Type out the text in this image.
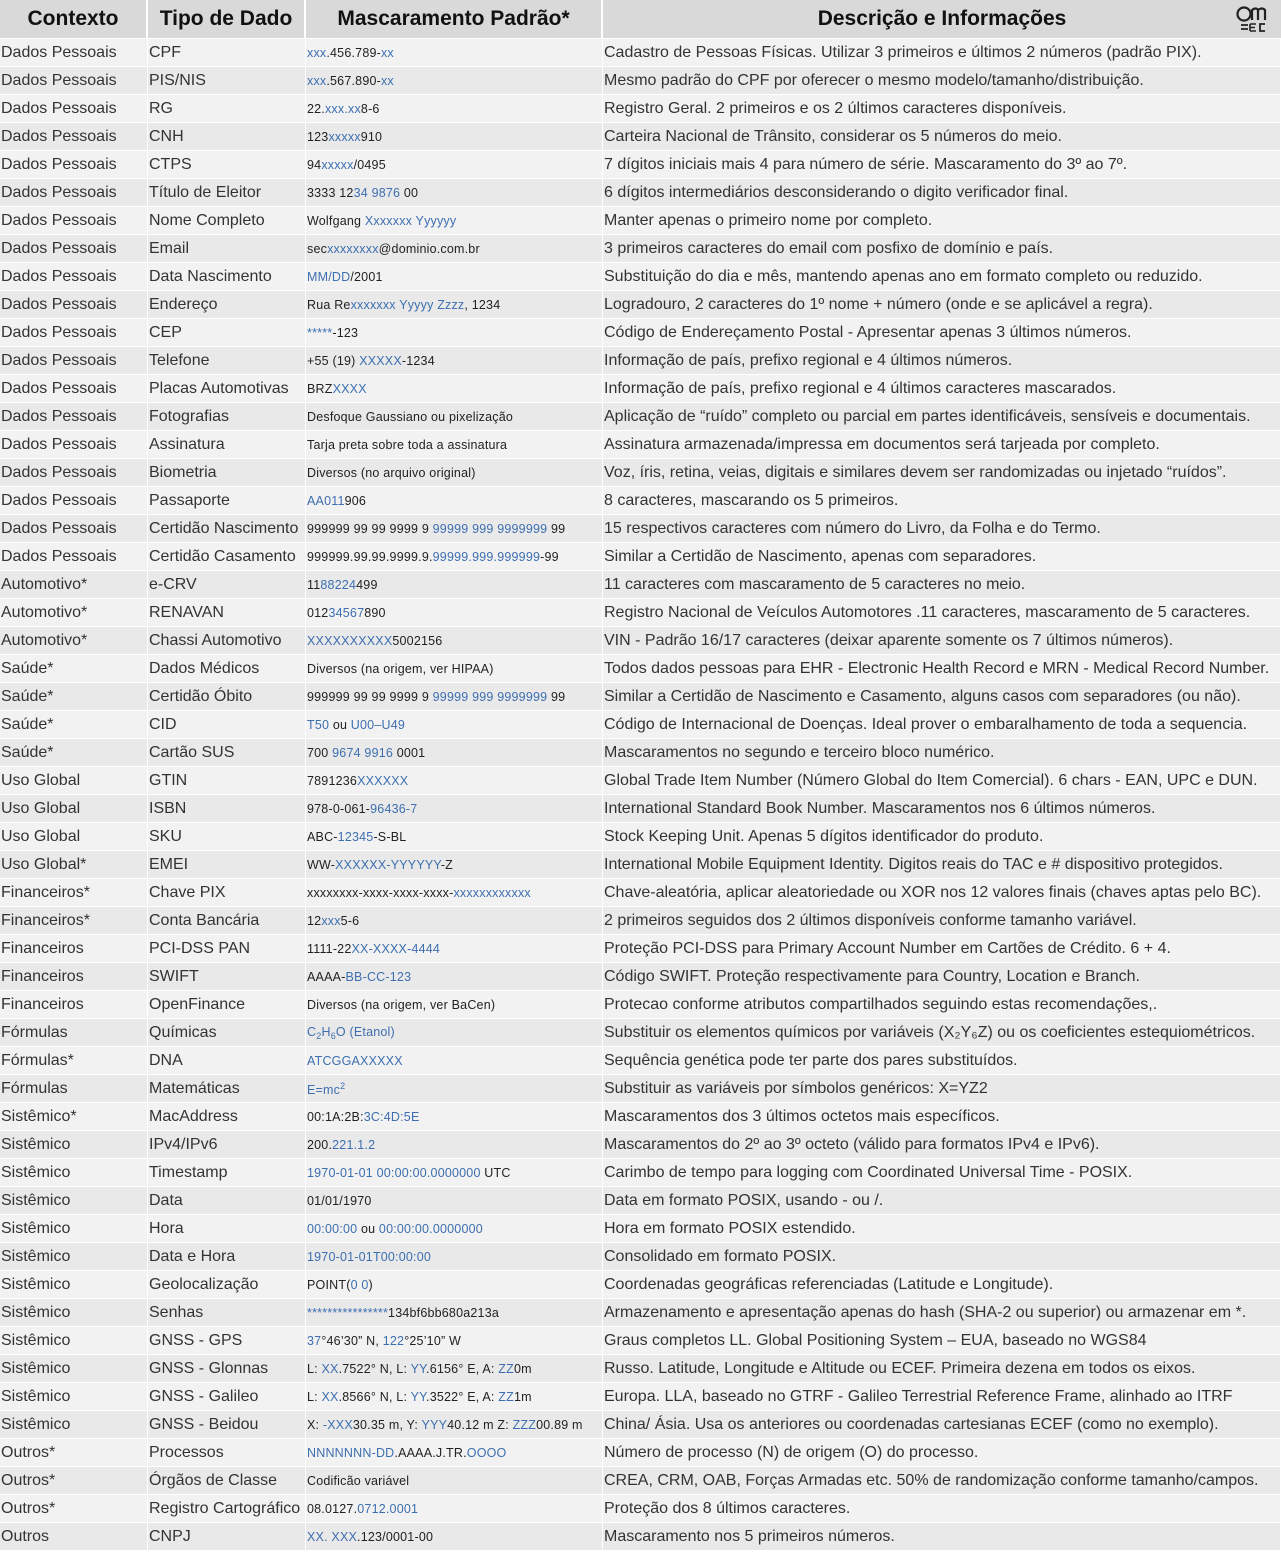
Contexto	Tipo de Dado	Mascaramento Padrão*	Descrição e Informações

Dados Pessoais	CPF	xxx.456.789-xx	Cadastro de Pessoas Físicas. Utilizar 3 primeiros e últimos 2 números (padrão PIX).
Dados Pessoais	PIS/NIS	xxx.567.890-xx	Mesmo padrão do CPF por oferecer o mesmo modelo/tamanho/distribuição.
Dados Pessoais	RG	22.xxx.xx8-6	Registro Geral. 2 primeiros e os 2 últimos caracteres disponíveis.
Dados Pessoais	CNH	123xxxxx910	Carteira Nacional de Trânsito, considerar os 5 números do meio.
Dados Pessoais	CTPS	94xxxxx/0495	7 dígitos iniciais mais 4 para número de série. Mascaramento do 3º ao 7º.
Dados Pessoais	Título de Eleitor	3333 1234 9876 00	6 dígitos intermediários desconsiderando o digito verificador final.
Dados Pessoais	Nome Completo	Wolfgang Xxxxxxx Yyyyyy	Manter apenas o primeiro nome por completo.
Dados Pessoais	Email	secxxxxxxxx@dominio.com.br	3 primeiros caracteres do email com posfixo de domínio e país.
Dados Pessoais	Data Nascimento	MM/DD/2001	Substituição do dia e mês, mantendo apenas ano em formato completo ou reduzido.
Dados Pessoais	Endereço	Rua Rexxxxxxx Yyyyy Zzzz, 1234	Logradouro, 2 caracteres do 1º nome + número (onde e se aplicável a regra).
Dados Pessoais	CEP	*****-123	Código de Endereçamento Postal - Apresentar apenas 3 últimos números.
Dados Pessoais	Telefone	+55 (19) XXXXX-1234	Informação de país, prefixo regional e 4 últimos números.
Dados Pessoais	Placas Automotivas	BRZXXXX	Informação de país, prefixo regional e 4 últimos caracteres mascarados.
Dados Pessoais	Fotografias	Desfoque Gaussiano ou pixelização	Aplicação de “ruído” completo ou parcial em partes identificáveis, sensíveis e documentais.
Dados Pessoais	Assinatura	Tarja preta sobre toda a assinatura	Assinatura armazenada/impressa em documentos será tarjeada por completo.
Dados Pessoais	Biometria	Diversos (no arquivo original)	Voz, íris, retina, veias, digitais e similares devem ser randomizadas ou injetado “ruídos”.
Dados Pessoais	Passaporte	AA011906	8 caracteres, mascarando os 5 primeiros.
Dados Pessoais	Certidão Nascimento	999999 99 99 9999 9 99999 999 9999999 99	15 respectivos caracteres com número do Livro, da Folha e do Termo.
Dados Pessoais	Certidão Casamento	999999.99.99.9999.9.99999.999.999999-99	Similar a Certidão de Nascimento, apenas com separadores.
Automotivo*	e-CRV	1188224499	11 caracteres com mascaramento de 5 caracteres no meio.
Automotivo*	RENAVAN	01234567890	Registro Nacional de Veículos Automotores .11 caracteres, mascaramento de 5 caracteres.
Automotivo*	Chassi Automotivo	XXXXXXXXXX5002156	VIN - Padrão 16/17 caracteres (deixar aparente somente os 7 últimos números).
Saúde*	Dados Médicos	Diversos (na origem, ver HIPAA)	Todos dados pessoas para EHR - Electronic Health Record e MRN - Medical Record Number.
Saúde*	Certidão Óbito	999999 99 99 9999 9 99999 999 9999999 99	Similar a Certidão de Nascimento e Casamento, alguns casos com separadores (ou não).
Saúde*	CID	T50 ou U00–U49	Código de Internacional de Doenças. Ideal prover o embaralhamento de toda a sequencia.
Saúde*	Cartão SUS	700 9674 9916 0001	Mascaramentos no segundo e terceiro bloco numérico.
Uso Global	GTIN	7891236XXXXXX	Global Trade Item Number (Número Global do Item Comercial). 6 chars - EAN, UPC e DUN.
Uso Global	ISBN	978-0-061-96436-7	International Standard Book Number. Mascaramentos nos 6 últimos números.
Uso Global	SKU	ABC-12345-S-BL	Stock Keeping Unit. Apenas 5 dígitos identificador do produto.
Uso Global*	EMEI	WW-XXXXXX-YYYYYY-Z	International Mobile Equipment Identity. Digitos reais do TAC e # dispositivo protegidos.
Financeiros*	Chave PIX	xxxxxxxx-xxxx-xxxx-xxxx-xxxxxxxxxxxx	Chave-aleatória, aplicar aleatoriedade ou XOR nos 12 valores finais (chaves aptas pelo BC).
Financeiros*	Conta Bancária	12xxx5-6	2 primeiros seguidos dos 2 últimos disponíveis conforme tamanho variável.
Financeiros	PCI-DSS PAN	1111-22XX-XXXX-4444	Proteção PCI-DSS para Primary Account Number em Cartões de Crédito. 6 + 4.
Financeiros	SWIFT	AAAA-BB-CC-123	Código SWIFT. Proteção respectivamente para Country, Location e Branch.
Financeiros	OpenFinance	Diversos (na origem, ver BaCen)	Protecao conforme atributos compartilhados seguindo estas recomendações,.
Fórmulas	Químicas	$C_2H_6O$ (Etanol)	Substituir os elementos químicos por variáveis (X₂Y₆Z) ou os coeficientes estequiométricos.
Fórmulas*	DNA	ATCGGAXXXXX	Sequência genética pode ter parte dos pares substituídos.
Fórmulas	Matemáticas	$E=mc^2$	Substituir as variáveis por símbolos genéricos: X=YZ2
Sistêmico*	MacAddress	00:1A:2B:3C:4D:5E	Mascaramentos dos 3 últimos octetos mais específicos.
Sistêmico	IPv4/IPv6	200.221.1.2	Mascaramentos do 2º ao 3º octeto (válido para formatos IPv4 e IPv6).
Sistêmico	Timestamp	1970-01-01 00:00:00.0000000 UTC	Carimbo de tempo para logging com Coordinated Universal Time - POSIX.
Sistêmico	Data	01/01/1970	Data em formato POSIX, usando - ou /.
Sistêmico	Hora	00:00:00 ou 00:00:00.0000000	Hora em formato POSIX estendido.
Sistêmico	Data e Hora	1970-01-01T00:00:00	Consolidado em formato POSIX.
Sistêmico	Geolocalização	POINT(0 0)	Coordenadas geográficas referenciadas (Latitude e Longitude).
Sistêmico	Senhas	****************134bf6bb680a213a	Armazenamento e apresentação apenas do hash (SHA-2 ou superior) ou armazenar em *.
Sistêmico	GNSS - GPS	37°46’30” N, 122°25’10” W	Graus completos LL. Global Positioning System – EUA, baseado no WGS84
Sistêmico	GNSS - Glonnas	L: XX.7522° N, L: YY.6156° E, A: ZZ0m	Russo. Latitude, Longitude e Altitude ou ECEF. Primeira dezena em todos os eixos.
Sistêmico	GNSS - Galileo	L: XX.8566° N, L: YY.3522° E, A: ZZ1m	Europa. LLA, baseado no GTRF - Galileo Terrestrial Reference Frame, alinhado ao ITRF
Sistêmico	GNSS - Beidou	X: -XXX30.35 m, Y: YYY40.12 m Z: ZZZ00.89 m	China/ Ásia. Usa os anteriores ou coordenadas cartesianas ECEF (como no exemplo).
Outros*	Processos	NNNNNNN-DD.AAAA.J.TR.OOOO	Número de processo (N) de origem (O) do processo.
Outros*	Órgãos de Classe	Codificão variável	CREA, CRM, OAB, Forças Armadas etc. 50% de randomização conforme tamanho/campos.
Outros*	Registro Cartográfico	08.0127.0712.0001	Proteção dos 8 últimos caracteres.
Outros	CNPJ	XX. XXX.123/0001-00	Mascaramento nos 5 primeiros números.
